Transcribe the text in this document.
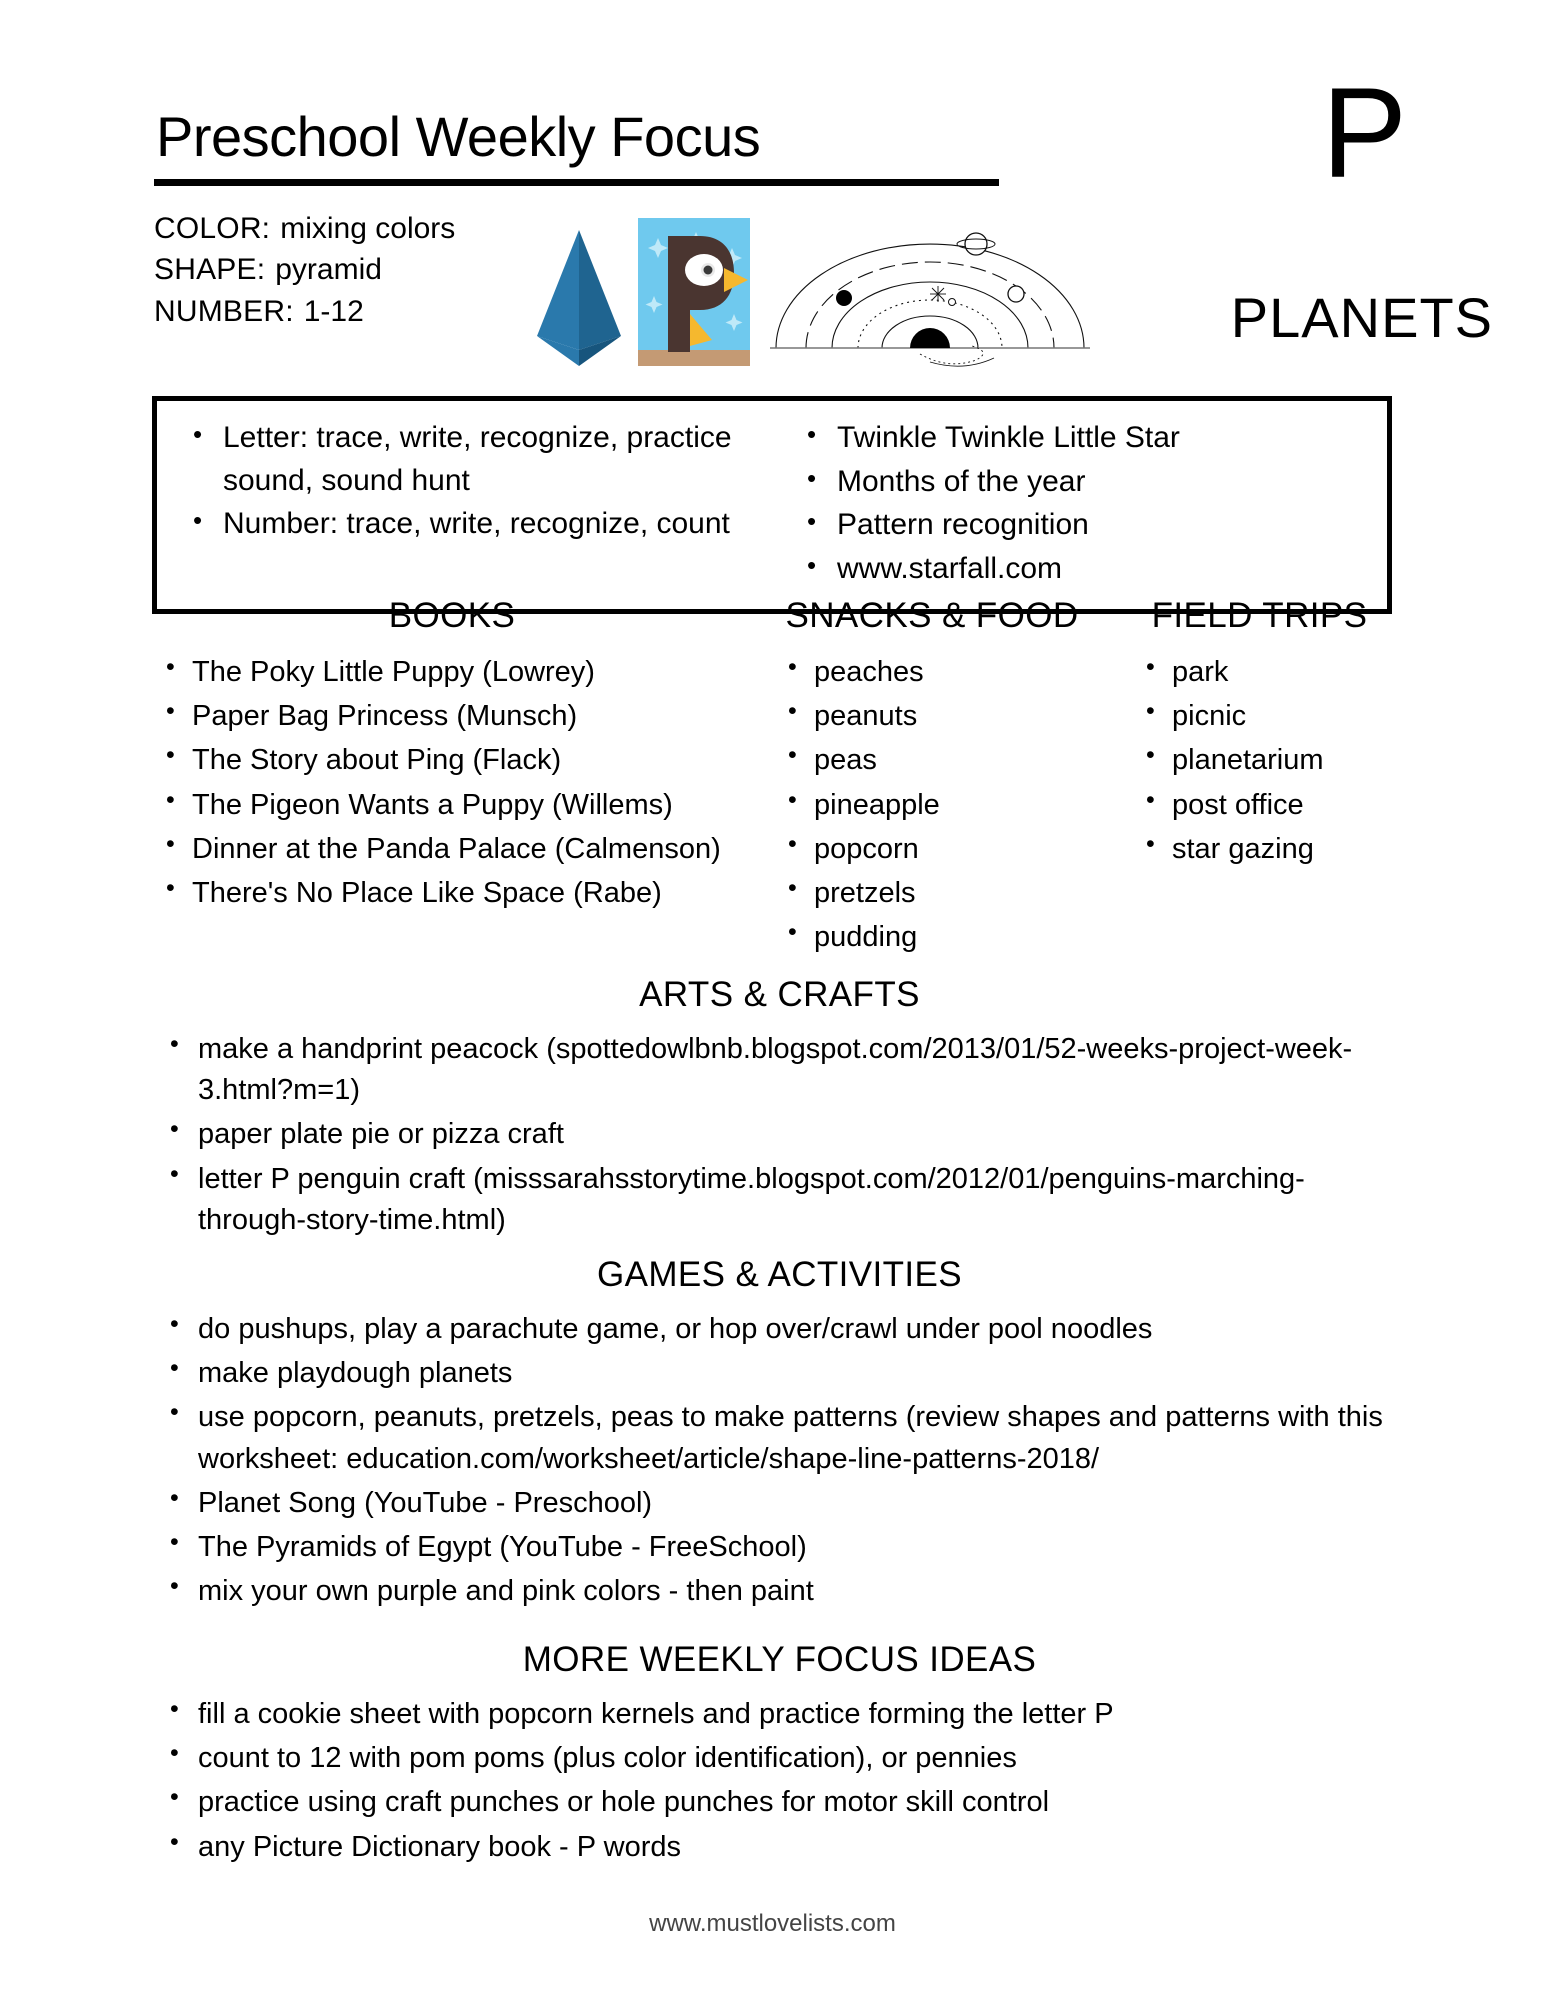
Preschool Weekly Focus
COLOR: mixing colors
SHAPE: pyramid
NUMBER: 1-12
P
PLANETS
• Letter: trace, write, recognize, practice sound, sound hunt
• Number: trace, write, recognize, count
• Twinkle Twinkle Little Star
• Months of the year
• Pattern recognition
• www.starfall.com
BOOKS
• The Poky Little Puppy (Lowrey)
• Paper Bag Princess (Munsch)
• The Story about Ping (Flack)
• The Pigeon Wants a Puppy (Willems)
• Dinner at the Panda Palace (Calmenson)
• There's No Place Like Space (Rabe)
SNACKS & FOOD
• peaches
• peanuts
• peas
• pineapple
• popcorn
• pretzels
• pudding
FIELD TRIPS
• park
• picnic
• planetarium
• post office
• star gazing
ARTS & CRAFTS
• make a handprint peacock (spottedowlbnb.blogspot.com/2013/01/52-weeks-project-week-3.html?m=1)
• paper plate pie or pizza craft
• letter P penguin craft (misssarahsstorytime.blogspot.com/2012/01/penguins-marching-through-story-time.html)
GAMES & ACTIVITIES
• do pushups, play a parachute game, or hop over/crawl under pool noodles
• make playdough planets
• use popcorn, peanuts, pretzels, peas to make patterns (review shapes and patterns with this worksheet: education.com/worksheet/article/shape-line-patterns-2018/
• Planet Song (YouTube - Preschool)
• The Pyramids of Egypt (YouTube - FreeSchool)
• mix your own purple and pink colors - then paint
MORE WEEKLY FOCUS IDEAS
• fill a cookie sheet with popcorn kernels and practice forming the letter P
• count to 12 with pom poms (plus color identification), or pennies
• practice using craft punches or hole punches for motor skill control
• any Picture Dictionary book - P words
www.mustlovelists.com
